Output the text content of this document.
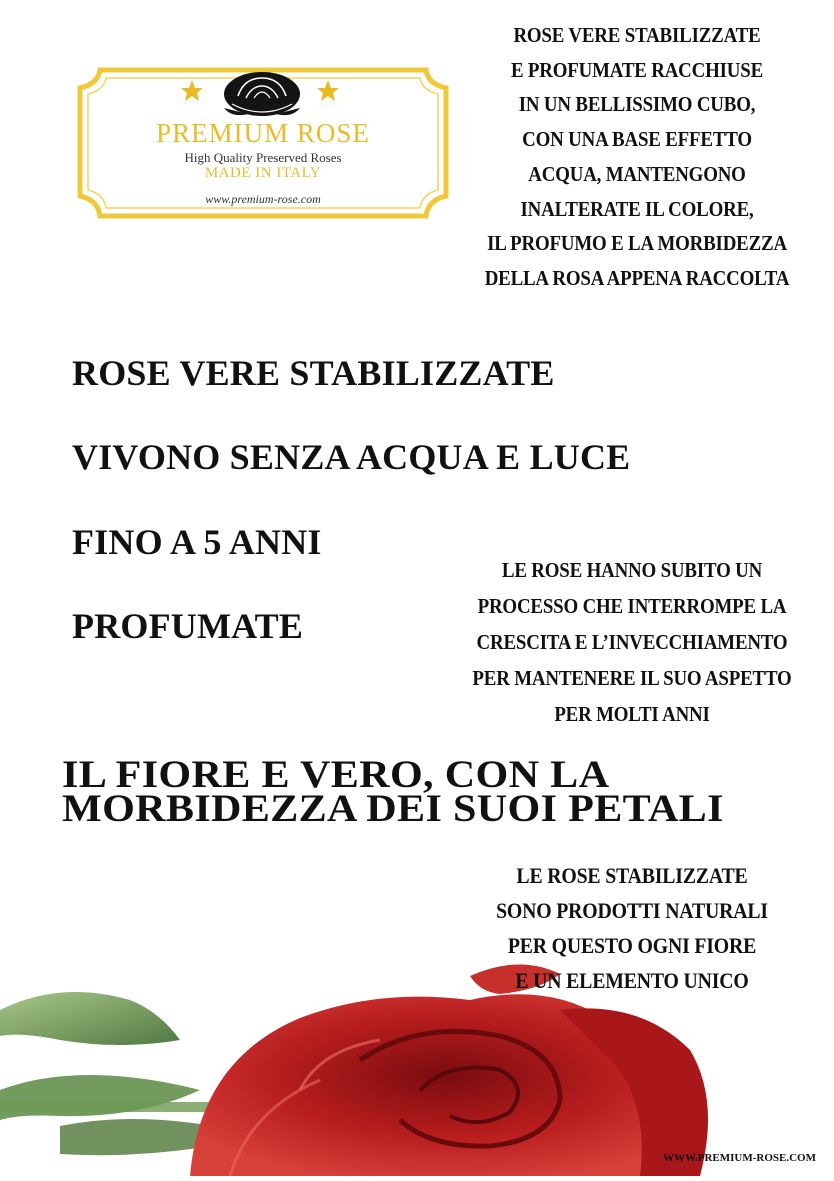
PREMIUM ROSE
High Quality Preserved Roses
MADE IN ITALY
www.premium-rose.com
ROSE VERE STABILIZZATE
E PROFUMATE RACCHIUSE
IN UN BELLISSIMO CUBO,
CON UNA BASE EFFETTO
ACQUA, MANTENGONO
INALTERATE IL COLORE,
IL PROFUMO E LA MORBIDEZZA
DELLA ROSA APPENA RACCOLTA
ROSE VERE STABILIZZATE
VIVONO SENZA ACQUA E LUCE
FINO A 5 ANNI
PROFUMATE
LE ROSE HANNO SUBITO UN
PROCESSO CHE INTERROMPE LA
CRESCITA E L’INVECCHIAMENTO
PER MANTENERE IL SUO ASPETTO
PER MOLTI ANNI
IL FIORE E VERO, CON LA
MORBIDEZZA DEI SUOI PETALI
LE ROSE STABILIZZATE
SONO PRODOTTI NATURALI
PER QUESTO OGNI FIORE
E UN ELEMENTO UNICO
WWW.PREMIUM-ROSE.COM
